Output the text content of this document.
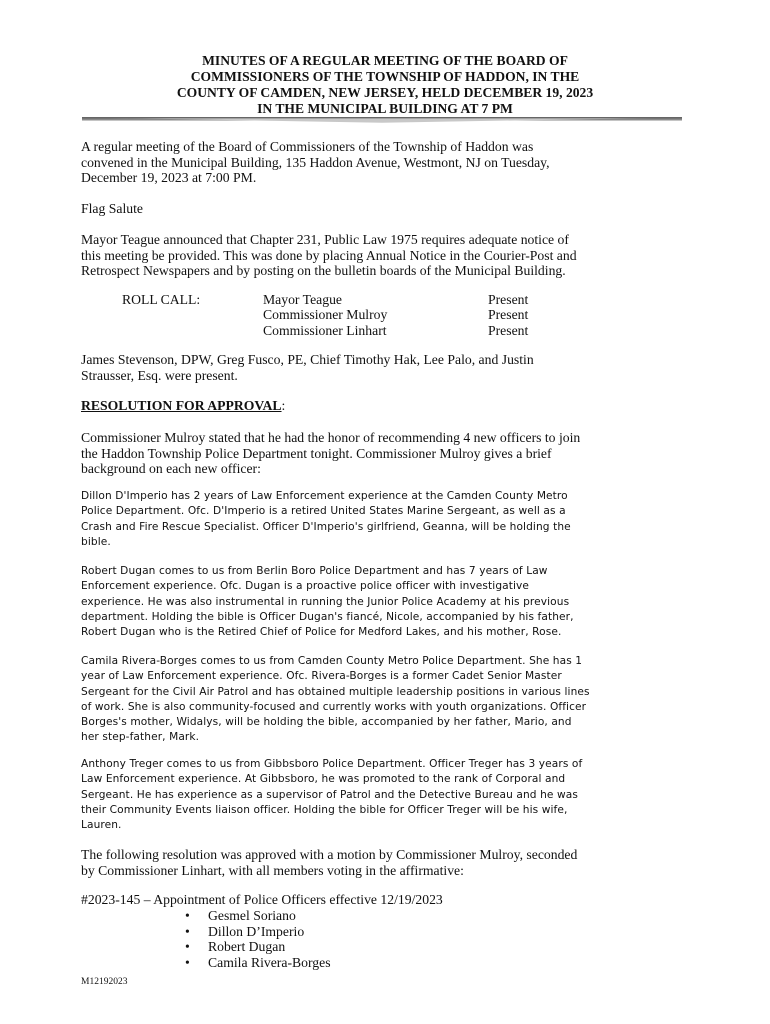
MINUTES OF A REGULAR MEETING OF THE BOARD OF
COMMISSIONERS OF THE TOWNSHIP OF HADDON, IN THE
COUNTY OF CAMDEN, NEW JERSEY, HELD DECEMBER 19, 2023
IN THE MUNICIPAL BUILDING AT 7 PM
A regular meeting of the Board of Commissioners of the Township of Haddon was
convened in the Municipal Building, 135 Haddon Avenue, Westmont, NJ on Tuesday,
December 19, 2023 at 7:00 PM.
Flag Salute
Mayor Teague announced that Chapter 231, Public Law 1975 requires adequate notice of
this meeting be provided. This was done by placing Annual Notice in the Courier-Post and
Retrospect Newspapers and by posting on the bulletin boards of the Municipal Building.
ROLL CALL:	Mayor Teague
Commissioner Mulroy
Commissioner Linhart
Present
Present
Present
James Stevenson, DPW, Greg Fusco, PE, Chief Timothy Hak, Lee Palo, and Justin
Strausser, Esq. were present.
RESOLUTION FOR APPROVAL:
Commissioner Mulroy stated that he had the honor of recommending 4 new officers to join
the Haddon Township Police Department tonight. Commissioner Mulroy gives a brief
background on each new officer:
Dillon D'Imperio has 2 years of Law Enforcement experience at the Camden County Metro
Police Department. Ofc. D'Imperio is a retired United States Marine Sergeant, as well as a
Crash and Fire Rescue Specialist. Officer D'Imperio's girlfriend, Geanna, will be holding the
bible.
Robert Dugan comes to us from Berlin Boro Police Department and has 7 years of Law
Enforcement experience. Ofc. Dugan is a proactive police officer with investigative
experience. He was also instrumental in running the Junior Police Academy at his previous
department. Holding the bible is Officer Dugan's fiancé, Nicole, accompanied by his father,
Robert Dugan who is the Retired Chief of Police for Medford Lakes, and his mother, Rose.
Camila Rivera-Borges comes to us from Camden County Metro Police Department. She has 1
year of Law Enforcement experience. Ofc. Rivera-Borges is a former Cadet Senior Master
Sergeant for the Civil Air Patrol and has obtained multiple leadership positions in various lines
of work. She is also community-focused and currently works with youth organizations. Officer
Borges's mother, Widalys, will be holding the bible, accompanied by her father, Mario, and
her step-father, Mark.
Anthony Treger comes to us from Gibbsboro Police Department. Officer Treger has 3 years of
Law Enforcement experience. At Gibbsboro, he was promoted to the rank of Corporal and
Sergeant. He has experience as a supervisor of Patrol and the Detective Bureau and he was
their Community Events liaison officer. Holding the bible for Officer Treger will be his wife,
Lauren.
The following resolution was approved with a motion by Commissioner Mulroy, seconded
by Commissioner Linhart, with all members voting in the affirmative:
#2023-145 – Appointment of Police Officers effective 12/19/2023
• Gesmel Soriano
• Dillon D’Imperio
• Robert Dugan
• Camila Rivera-Borges
M12192023
